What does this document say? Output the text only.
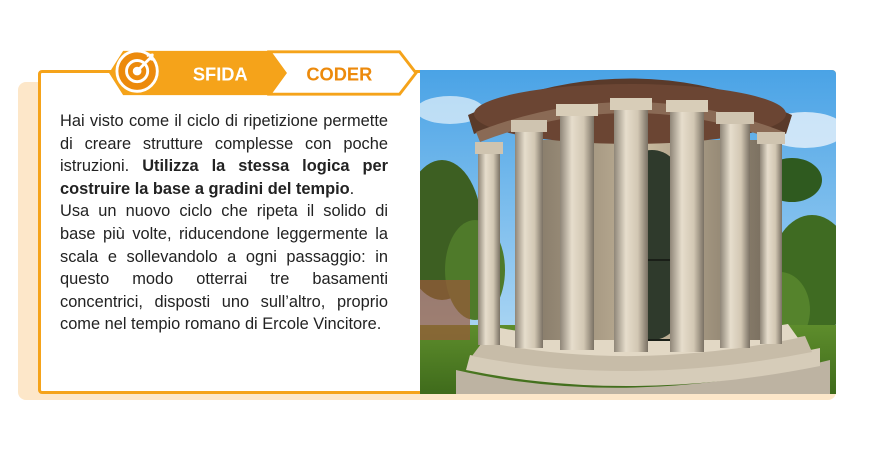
SFIDA	CODER

Hai visto come il ciclo di ripetizione permette di creare strutture complesse con poche istruzioni. Utilizza la stessa logica per costruire la base a gradini del tempio.

Usa un nuovo ciclo che ripeta il solido di base più volte, riducendone leggermente la scala e sollevandolo a ogni passaggio: in questo modo otterrai tre basamenti concentrici, disposti uno sull’altro, proprio come nel tempio romano di Ercole Vincitore.
